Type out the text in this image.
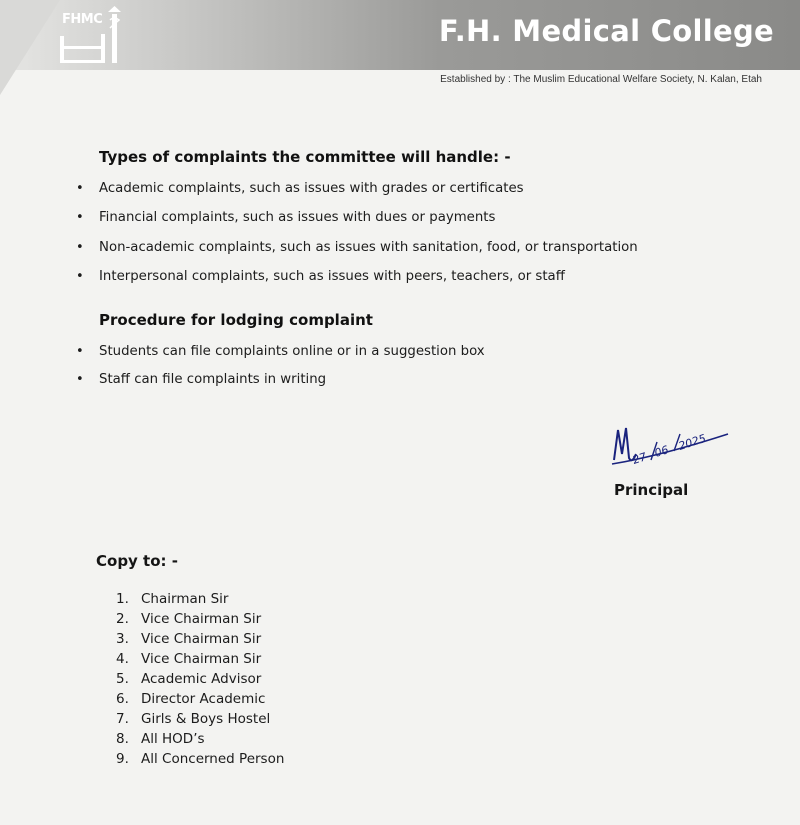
FHMC	F.H. Medical College
Established by : The Muslim Educational Welfare Society, N. Kalan, Etah
Types of complaints the committee will handle: -
• Academic complaints, such as issues with grades or certificates
• Financial complaints, such as issues with dues or payments
• Non-academic complaints, such as issues with sanitation, food, or transportation
• Interpersonal complaints, such as issues with peers, teachers, or staff
Procedure for lodging complaint
• Students can file complaints online or in a suggestion box
• Staff can file complaints in writing
27 06 2025
Principal
Copy to: -
1. Chairman Sir
2. Vice Chairman Sir
3. Vice Chairman Sir
4. Vice Chairman Sir
5. Academic Advisor
6. Director Academic
7. Girls & Boys Hostel
8. All HOD’s
9. All Concerned Person
